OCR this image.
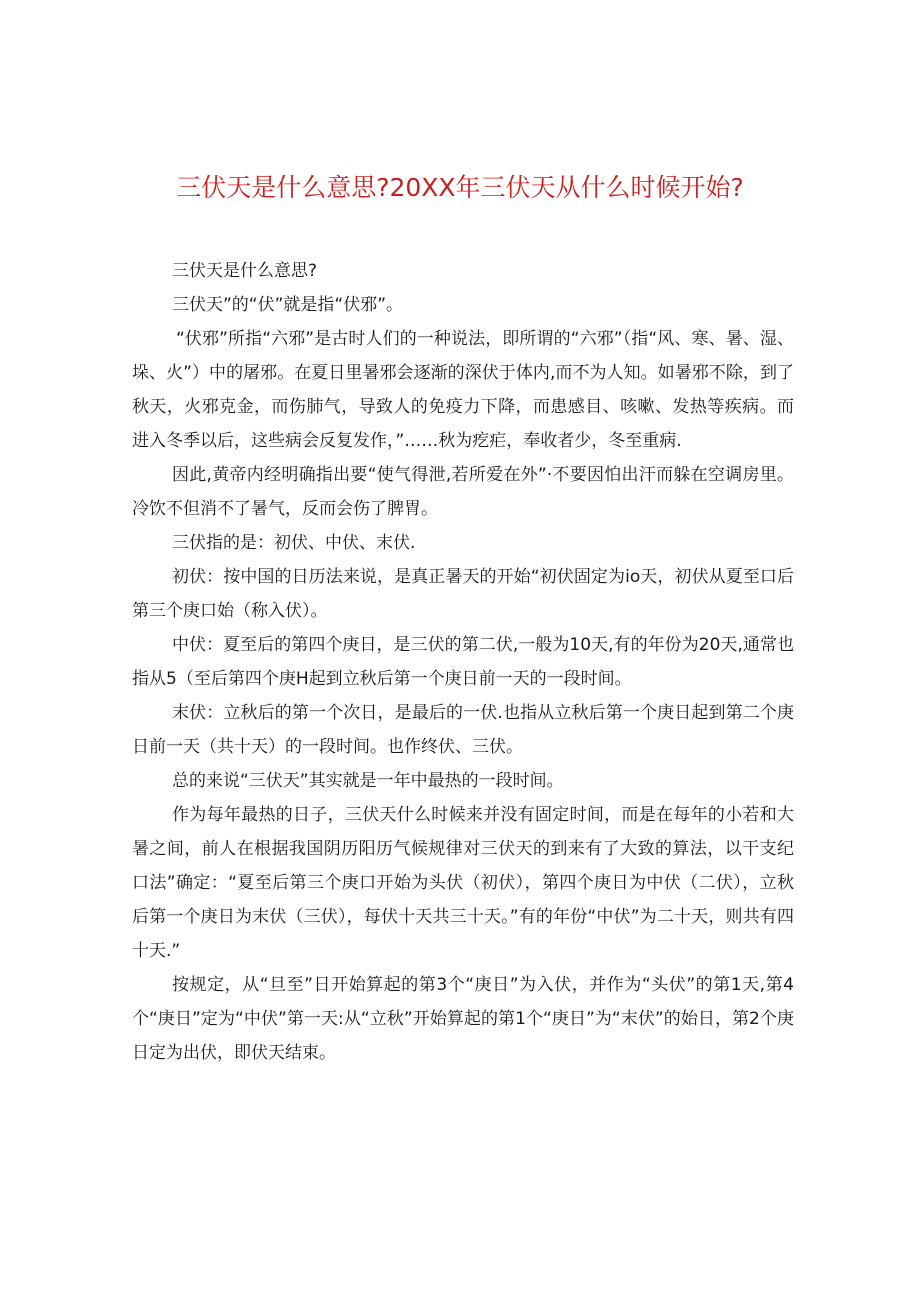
三伏天是什么意思?20XX年三伏天从什么时候开始?

三伏天是什么意思?

三伏天”的“伏”就是指“伏邪”。

“伏邪”所指“六邪”是古时人们的一种说法，即所谓的“六邪”（指“风、寒、暑、湿、垛、火”）中的屠邪。在夏日里暑邪会逐渐的深伏于体内,而不为人知。如暑邪不除，到了秋天，火邪克金，而伤肺气，导致人的免疫力下降，而患感目、咳嗽、发热等疾病。而进入冬季以后，这些病会反复发作，”……秋为疙疟，奉收者少，冬至重病.

因此,黄帝内经明确指出要“使气得泄,若所爱在外”·不要因怕出汗而躲在空调房里。冷饮不但消不了暑气，反而会伤了脾胃。

三伏指的是：初伏、中伏、末伏.

初伏：按中国的日历法来说，是真正暑天的开始“初伏固定为io天，初伏从夏至口后第三个庚口始（称入伏）。

中伏：夏至后的第四个庚日，是三伏的第二伏,一般为10天,有的年份为20天,通常也指从5（至后第四个庚H起到立秋后第一个庚日前一天的一段时间。

末伏：立秋后的第一个次日，是最后的一伏.也指从立秋后第一个庚日起到第二个庚日前一天（共十天）的一段时间。也作终伏、三伏。

总的来说“三伏天”其实就是一年中最热的一段时间。

作为每年最热的日子，三伏天什么时候来并没有固定时间，而是在每年的小若和大暑之间，前人在根据我国阴历阳历气候规律对三伏天的到来有了大致的算法，以干支纪口法”确定：“夏至后第三个庚口开始为头伏（初伏），第四个庚日为中伏（二伏），立秋后第一个庚日为末伏（三伏），每伏十天共三十天。”有的年份“中伏”为二十天，则共有四十天.”

按规定，从“旦至”日开始算起的第3个“庚日”为入伏，并作为“头伏”的第1天,第4个“庚日”定为“中伏”第一天:从“立秋”开始算起的第1个“庚日”为“末伏”的始日，第2个庚日定为出伏，即伏天结束。
